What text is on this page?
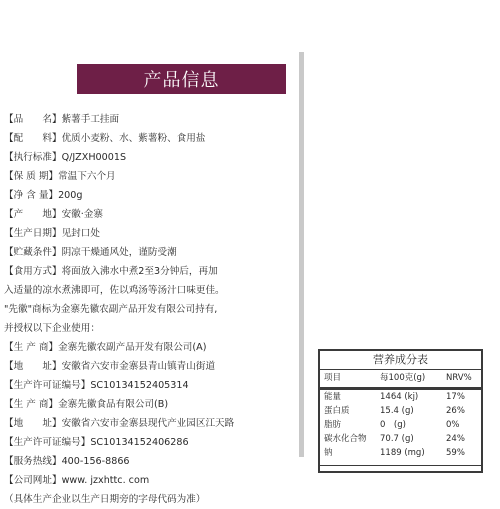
产品信息
【品　　名】紫薯手工挂面
【配　　料】优质小麦粉、水、紫薯粉、食用盐
【执行标准】Q/JZXH0001S
【保 质 期】常温下六个月
【净 含 量】200g
【产　　地】安徽·金寨
【生产日期】见封口处
【贮藏条件】阴凉干燥通风处，谨防受潮
【食用方式】将面放入沸水中煮2至3分钟后，再加
入适量的凉水煮沸即可，佐以鸡汤等汤汁口味更佳。
"先徽"商标为金寨先徽农副产品开发有限公司持有,
并授权以下企业使用：
【生 产 商】金寨先徽农副产品开发有限公司(A)
【地　　址】安徽省六安市金寨县青山镇青山街道
【生产许可证编号】SC10134152405314
【生 产 商】金寨先徽食品有限公司(B)
【地　　址】安徽省六安市金寨县现代产业园区江天路
【生产许可证编号】SC10134152406286
【服务热线】400-156-8866
【公司网址】www. jzxhttc. com
（具体生产企业以生产日期旁的字母代码为准）
营养成分表
项目	每100克(g)	NRV%
能量	1464 (kj)	17%
蛋白质	15.4 (g)	26%
脂肪	0　(g)	0%
碳水化合物	70.7 (g)	24%
钠	1189 (mg)	59%
